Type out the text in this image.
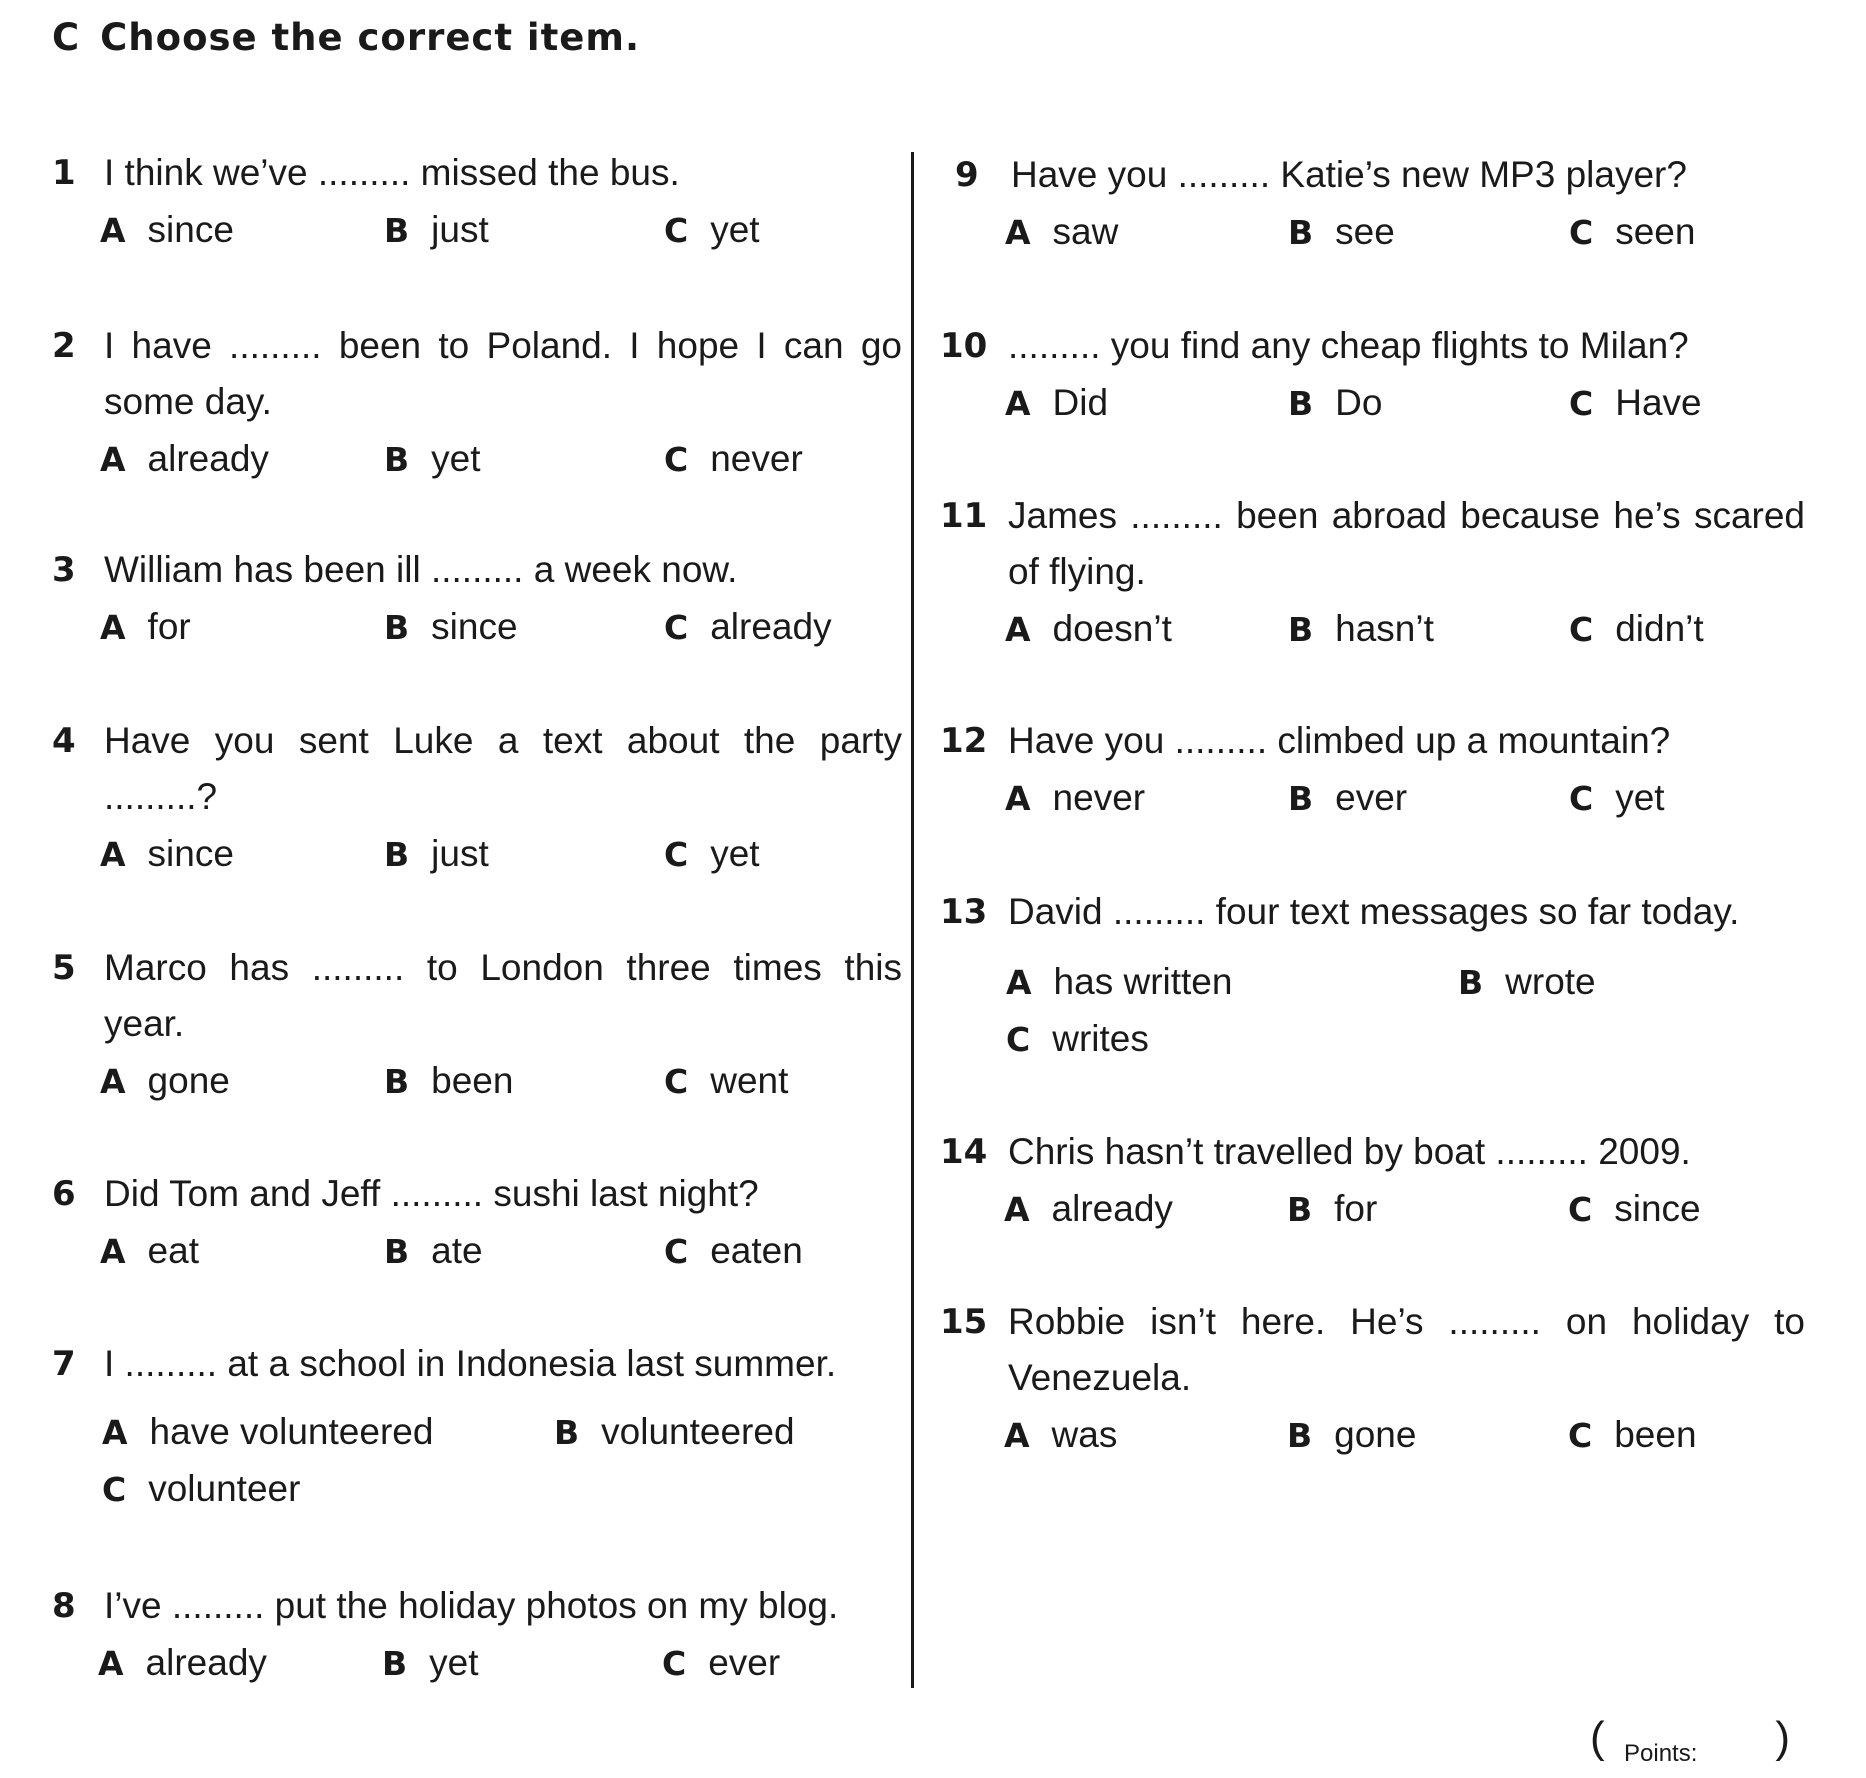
C Choose the correct item.
1 I think we’ve ......... missed the bus.
A since	B just	C yet
2 I have ......... been to Poland. I hope I can go some day.
A already	B yet	C never
3 William has been ill ......... a week now.
A for	B since	C already
4 Have you sent Luke a text about the party .........?
A since	B just	C yet
5 Marco has ......... to London three times this year.
A gone	B been	C went
6 Did Tom and Jeff ......... sushi last night?
A eat	B ate	C eaten
7 I ......... at a school in Indonesia last summer.
A have volunteered	B volunteered
C volunteer
8 I’ve ......... put the holiday photos on my blog.
A already	B yet	C ever
9 Have you ......... Katie’s new MP3 player?
A saw	B see	C seen
10 ......... you find any cheap flights to Milan?
A Did	B Do	C Have
11 James ......... been abroad because he’s scared of flying.
A doesn’t	B hasn’t	C didn’t
12 Have you ......... climbed up a mountain?
A never	B ever	C yet
13 David ......... four text messages so far today.
A has written	B wrote
C writes
14 Chris hasn’t travelled by boat ......... 2009.
A already	B for	C since
15 Robbie isn’t here. He’s ......... on holiday to Venezuela.
A was	B gone	C been
( Points: )
